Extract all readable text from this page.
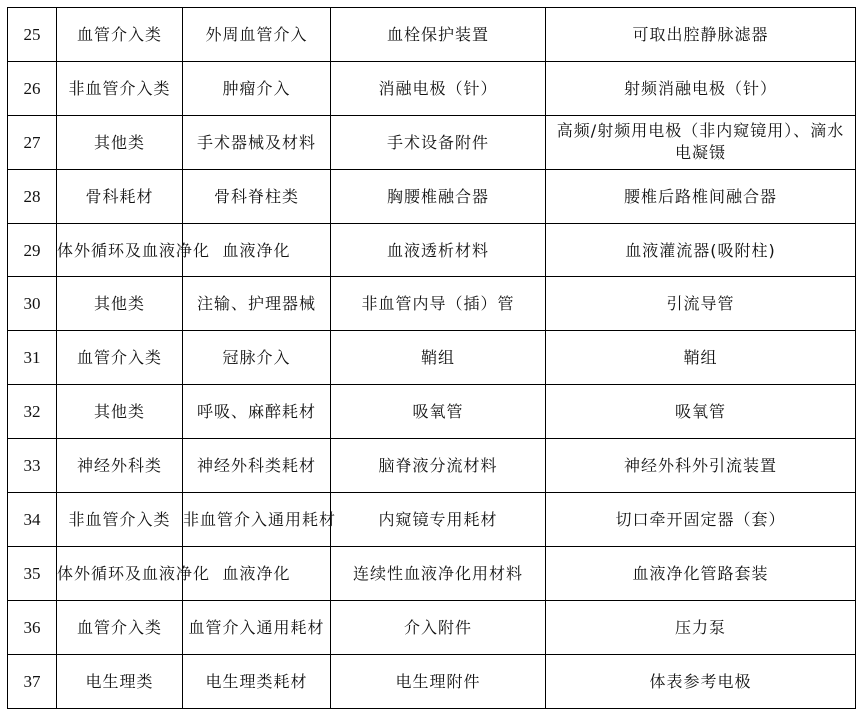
25	血管介入类	外周血管介入	血栓保护装置	可取出腔静脉滤器
26	非血管介入类	肿瘤介入	消融电极（针）	射频消融电极（针）
27	其他类	手术器械及材料	手术设备附件	高频/射频用电极（非内窥镜用）、滴水电凝镊
28	骨科耗材	骨科脊柱类	胸腰椎融合器	腰椎后路椎间融合器
29	体外循环及血液净化	血液净化	血液透析材料	血液灌流器(吸附柱)
30	其他类	注输、护理器械	非血管内导（插）管	引流导管
31	血管介入类	冠脉介入	鞘组	鞘组
32	其他类	呼吸、麻醉耗材	吸氧管	吸氧管
33	神经外科类	神经外科类耗材	脑脊液分流材料	神经外科外引流装置
34	非血管介入类	非血管介入通用耗材	内窥镜专用耗材	切口牵开固定器（套）
35	体外循环及血液净化	血液净化	连续性血液净化用材料	血液净化管路套装
36	血管介入类	血管介入通用耗材	介入附件	压力泵
37	电生理类	电生理类耗材	电生理附件	体表参考电极
